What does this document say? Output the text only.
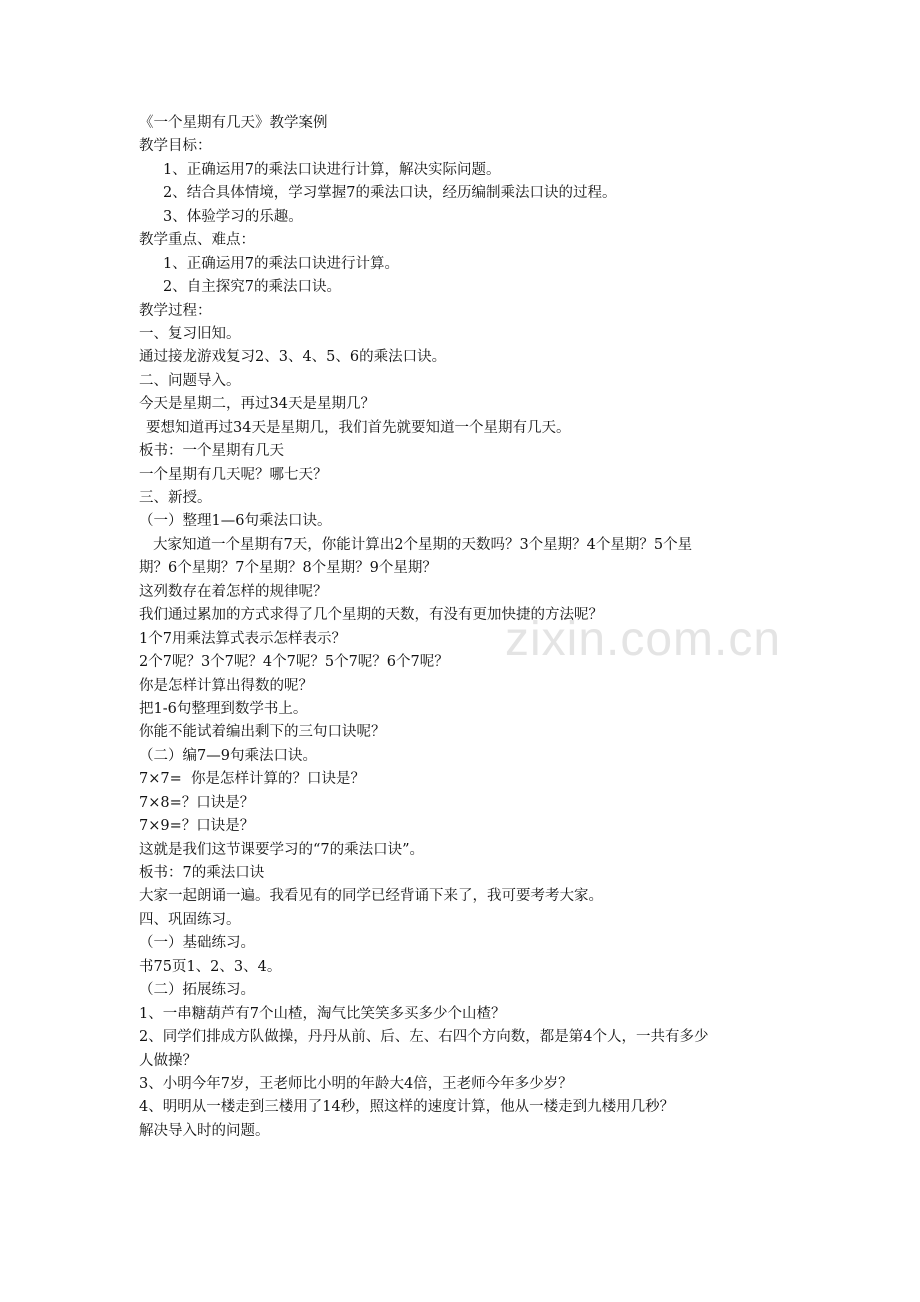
zixin.com.cn
《一个星期有几天》教学案例
教学目标：
1、正确运用7的乘法口诀进行计算，解决实际问题。
2、结合具体情境，学习掌握7的乘法口诀，经历编制乘法口诀的过程。
3、体验学习的乐趣。
教学重点、难点：
1、正确运用7的乘法口诀进行计算。
2、自主探究7的乘法口诀。
教学过程：
一、复习旧知。
通过接龙游戏复习2、3、4、5、6的乘法口诀。
二、问题导入。
今天是星期二，再过34天是星期几？
要想知道再过34天是星期几，我们首先就要知道一个星期有几天。
板书：一个星期有几天
一个星期有几天呢？哪七天？
三、新授。
（一）整理1—6句乘法口诀。
大家知道一个星期有7天，你能计算出2个星期的天数吗？3个星期？4个星期？5个星
期？6个星期？7个星期？8个星期？9个星期？
这列数存在着怎样的规律呢？
我们通过累加的方式求得了几个星期的天数，有没有更加快捷的方法呢？
1个7用乘法算式表示怎样表示？
2个7呢？3个7呢？4个7呢？5个7呢？6个7呢？
你是怎样计算出得数的呢？
把1-6句整理到数学书上。
你能不能试着编出剩下的三句口诀呢？
（二）编7—9句乘法口诀。
7×7=  你是怎样计算的？口诀是？
7×8=？口诀是？
7×9=？口诀是？
这就是我们这节课要学习的“7的乘法口诀”。
板书：7的乘法口诀
大家一起朗诵一遍。我看见有的同学已经背诵下来了，我可要考考大家。
四、巩固练习。
（一）基础练习。
书75页1、2、3、4。
（二）拓展练习。
1、一串糖葫芦有7个山楂，淘气比笑笑多买多少个山楂？
2、同学们排成方队做操，丹丹从前、后、左、右四个方向数，都是第4个人，一共有多少
人做操？
3、小明今年7岁，王老师比小明的年龄大4倍，王老师今年多少岁？
4、明明从一楼走到三楼用了14秒，照这样的速度计算，他从一楼走到九楼用几秒？
解决导入时的问题。
